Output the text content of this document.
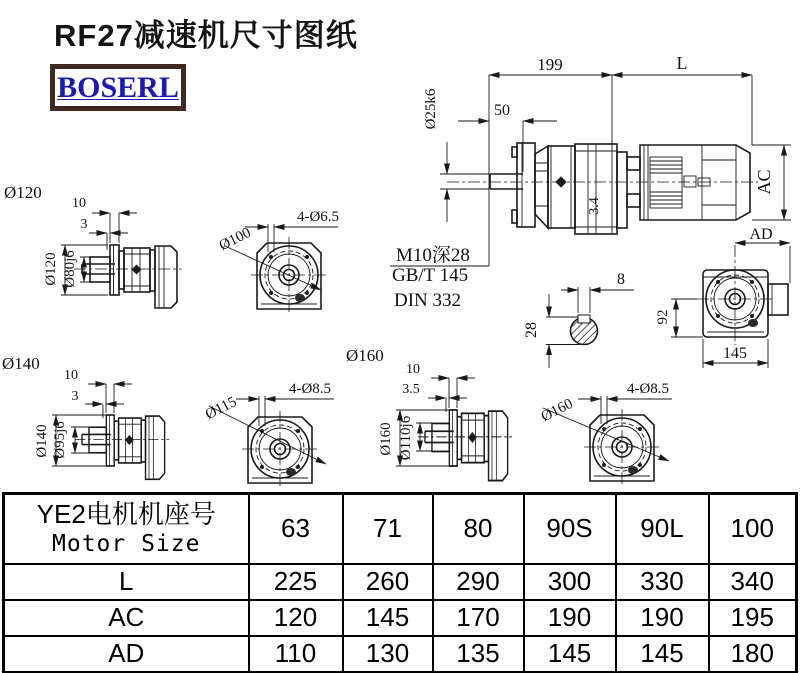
RF27减速机尺寸图纸
BOSERL
199	L
50
Ø25k6
3.4
AC
AD
M10深28
GB/T 145
DIN 332
8
28
92
145
Ø120
10
3
Ø120 Ø80j6
Ø100
4-Ø6.5
Ø140
10
3
Ø140 Ø95j6
Ø115
4-Ø8.5
Ø160
10
3.5
Ø160 Ø110j6
Ø160
4-Ø8.5
YE2电机机座号
Motor Size	63	71	80	90S	90L	100
L	225	260	290	300	330	340
AC	120	145	170	190	190	195
AD	110	130	135	145	145	180
